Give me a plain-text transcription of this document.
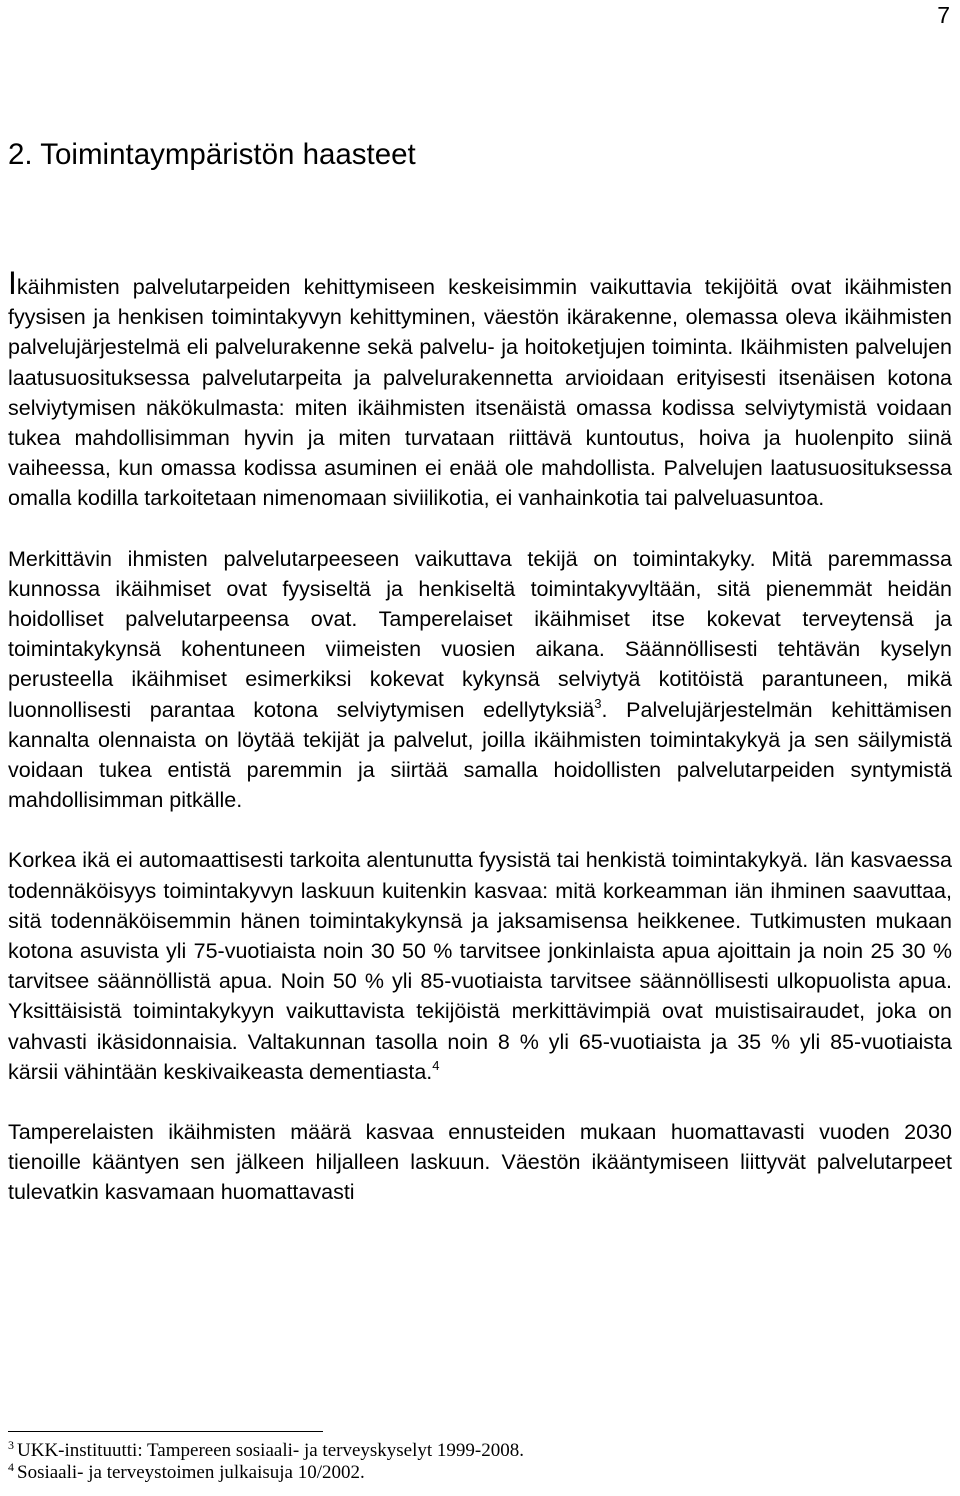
7
2. Toimintaympäristön haasteet

Ikäihmisten palvelutarpeiden kehittymiseen keskeisimmin vaikuttavia tekijöitä ovat ikäihmisten fyysisen ja henkisen toimintakyvyn kehittyminen, väestön ikärakenne, olemassa oleva ikäihmisten palvelujärjestelmä eli palvelurakenne sekä palvelu- ja hoitoketjujen toiminta. Ikäihmisten palvelujen laatusuosituksessa palvelutarpeita ja palvelurakennetta arvioidaan erityisesti itsenäisen kotona selviytymisen näkökulmasta: miten ikäihmisten itsenäistä omassa kodissa selviytymistä voidaan tukea mahdollisimman hyvin ja miten turvataan riittävä kuntoutus, hoiva ja huolenpito siinä vaiheessa, kun omassa kodissa asuminen ei enää ole mahdollista. Palvelujen laatusuosituksessa omalla kodilla tarkoitetaan nimenomaan siviilikotia, ei vanhainkotia tai palveluasuntoa.

Merkittävin ihmisten palvelutarpeeseen vaikuttava tekijä on toimintakyky. Mitä paremmassa kunnossa ikäihmiset ovat fyysiseltä ja henkiseltä toimintakyvyltään, sitä pienemmät heidän hoidolliset palvelutarpeensa ovat. Tamperelaiset ikäihmiset itse kokevat terveytensä ja toimintakykynsä kohentuneen viimeisten vuosien aikana. Säännöllisesti tehtävän kyselyn perusteella ikäihmiset esimerkiksi kokevat kykynsä selviytyä kotitöistä parantuneen, mikä luonnollisesti parantaa kotona selviytymisen edellytyksiä$^3$. Palvelujärjestelmän kehittämisen kannalta olennaista on löytää tekijät ja palvelut, joilla ikäihmisten toimintakykyä ja sen säilymistä voidaan tukea entistä paremmin ja siirtää samalla hoidollisten palvelutarpeiden syntymistä mahdollisimman pitkälle.

Korkea ikä ei automaattisesti tarkoita alentunutta fyysistä tai henkistä toimintakykyä. Iän kasvaessa todennäköisyys toimintakyvyn laskuun kuitenkin kasvaa: mitä korkeamman iän ihminen saavuttaa, sitä todennäköisemmin hänen toimintakykynsä ja jaksamisensa heikkenee. Tutkimusten mukaan kotona asuvista yli 75-vuotiaista noin 30 50 % tarvitsee jonkinlaista apua ajoittain ja noin 25 30 % tarvitsee säännöllistä apua. Noin 50 % yli 85-vuotiaista tarvitsee säännöllisesti ulkopuolista apua. Yksittäisistä toimintakykyyn vaikuttavista tekijöistä merkittävimpiä ovat muistisairaudet, joka on vahvasti ikäsidonnaisia. Valtakunnan tasolla noin 8 % yli 65-vuotiaista ja 35 % yli 85-vuotiaista kärsii vähintään keskivaikeasta dementiasta.$^4$

Tamperelaisten ikäihmisten määrä kasvaa ennusteiden mukaan huomattavasti vuoden 2030 tienoille kääntyen sen jälkeen hiljalleen laskuun. Väestön ikääntymiseen liittyvät palvelutarpeet tulevatkin kasvamaan huomattavasti

$^3$ UKK-instituutti: Tampereen sosiaali- ja terveyskyselyt 1999-2008.
$^4$ Sosiaali- ja terveystoimen julkaisuja 10/2002.
